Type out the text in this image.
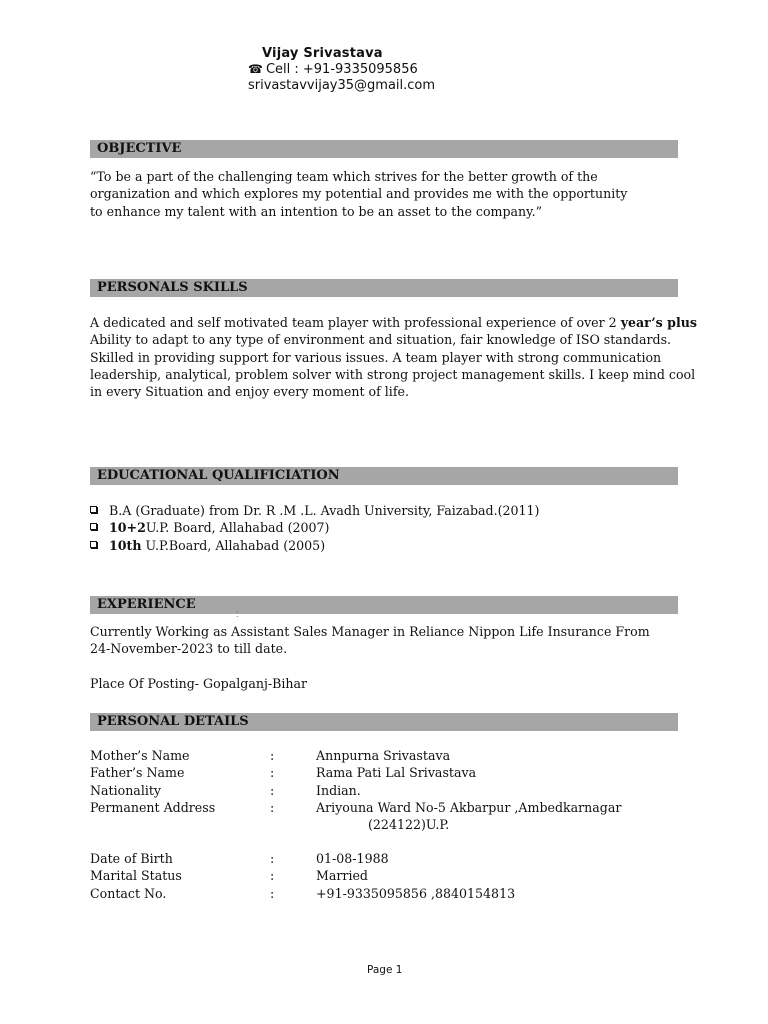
Vijay Srivastava
☎ Cell : +91-9335095856
srivastavvijay35@gmail.com
OBJECTIVE

“To be a part of the challenging team which strives for the better growth of the

organization and which explores my potential and provides me with the opportunity

to enhance my talent with an intention to be an asset to the company.”

PERSONALS SKILLS

A dedicated and self motivated team player with professional experience of over 2 year’s plus

Ability to adapt to any type of environment and situation, fair knowledge of ISO standards.

Skilled in providing support for various issues. A team player with strong communication

leadership, analytical, problem solver with strong project management skills. I keep mind cool

in every Situation and enjoy every moment of life.

EDUCATIONAL QUALIFICIATION
B.A (Graduate) from Dr. R .M .L. Avadh University, Faizabad.(2011)
10+2U.P. Board, Allahabad (2007)
10th U.P.Board, Allahabad (2005)
EXPERIENCE
⁚

Currently Working as Assistant Sales Manager in Reliance Nippon Life Insurance From

24-November-2023 to till date.

Place Of Posting- Gopalganj-Bihar

PERSONAL DETAILS
Mother’s Name	:	Annpurna Srivastava
Father’s Name	:	Rama Pati Lal Srivastava
Nationality	:	Indian.
Permanent Address	:	Ariyouna Ward No-5 Akbarpur ,Ambedkarnagar
(224122)U.P.
Date of Birth	:	01-08-1988
Marital Status	:	Married
Contact No.	:	+91-9335095856 ,8840154813
Page 1
